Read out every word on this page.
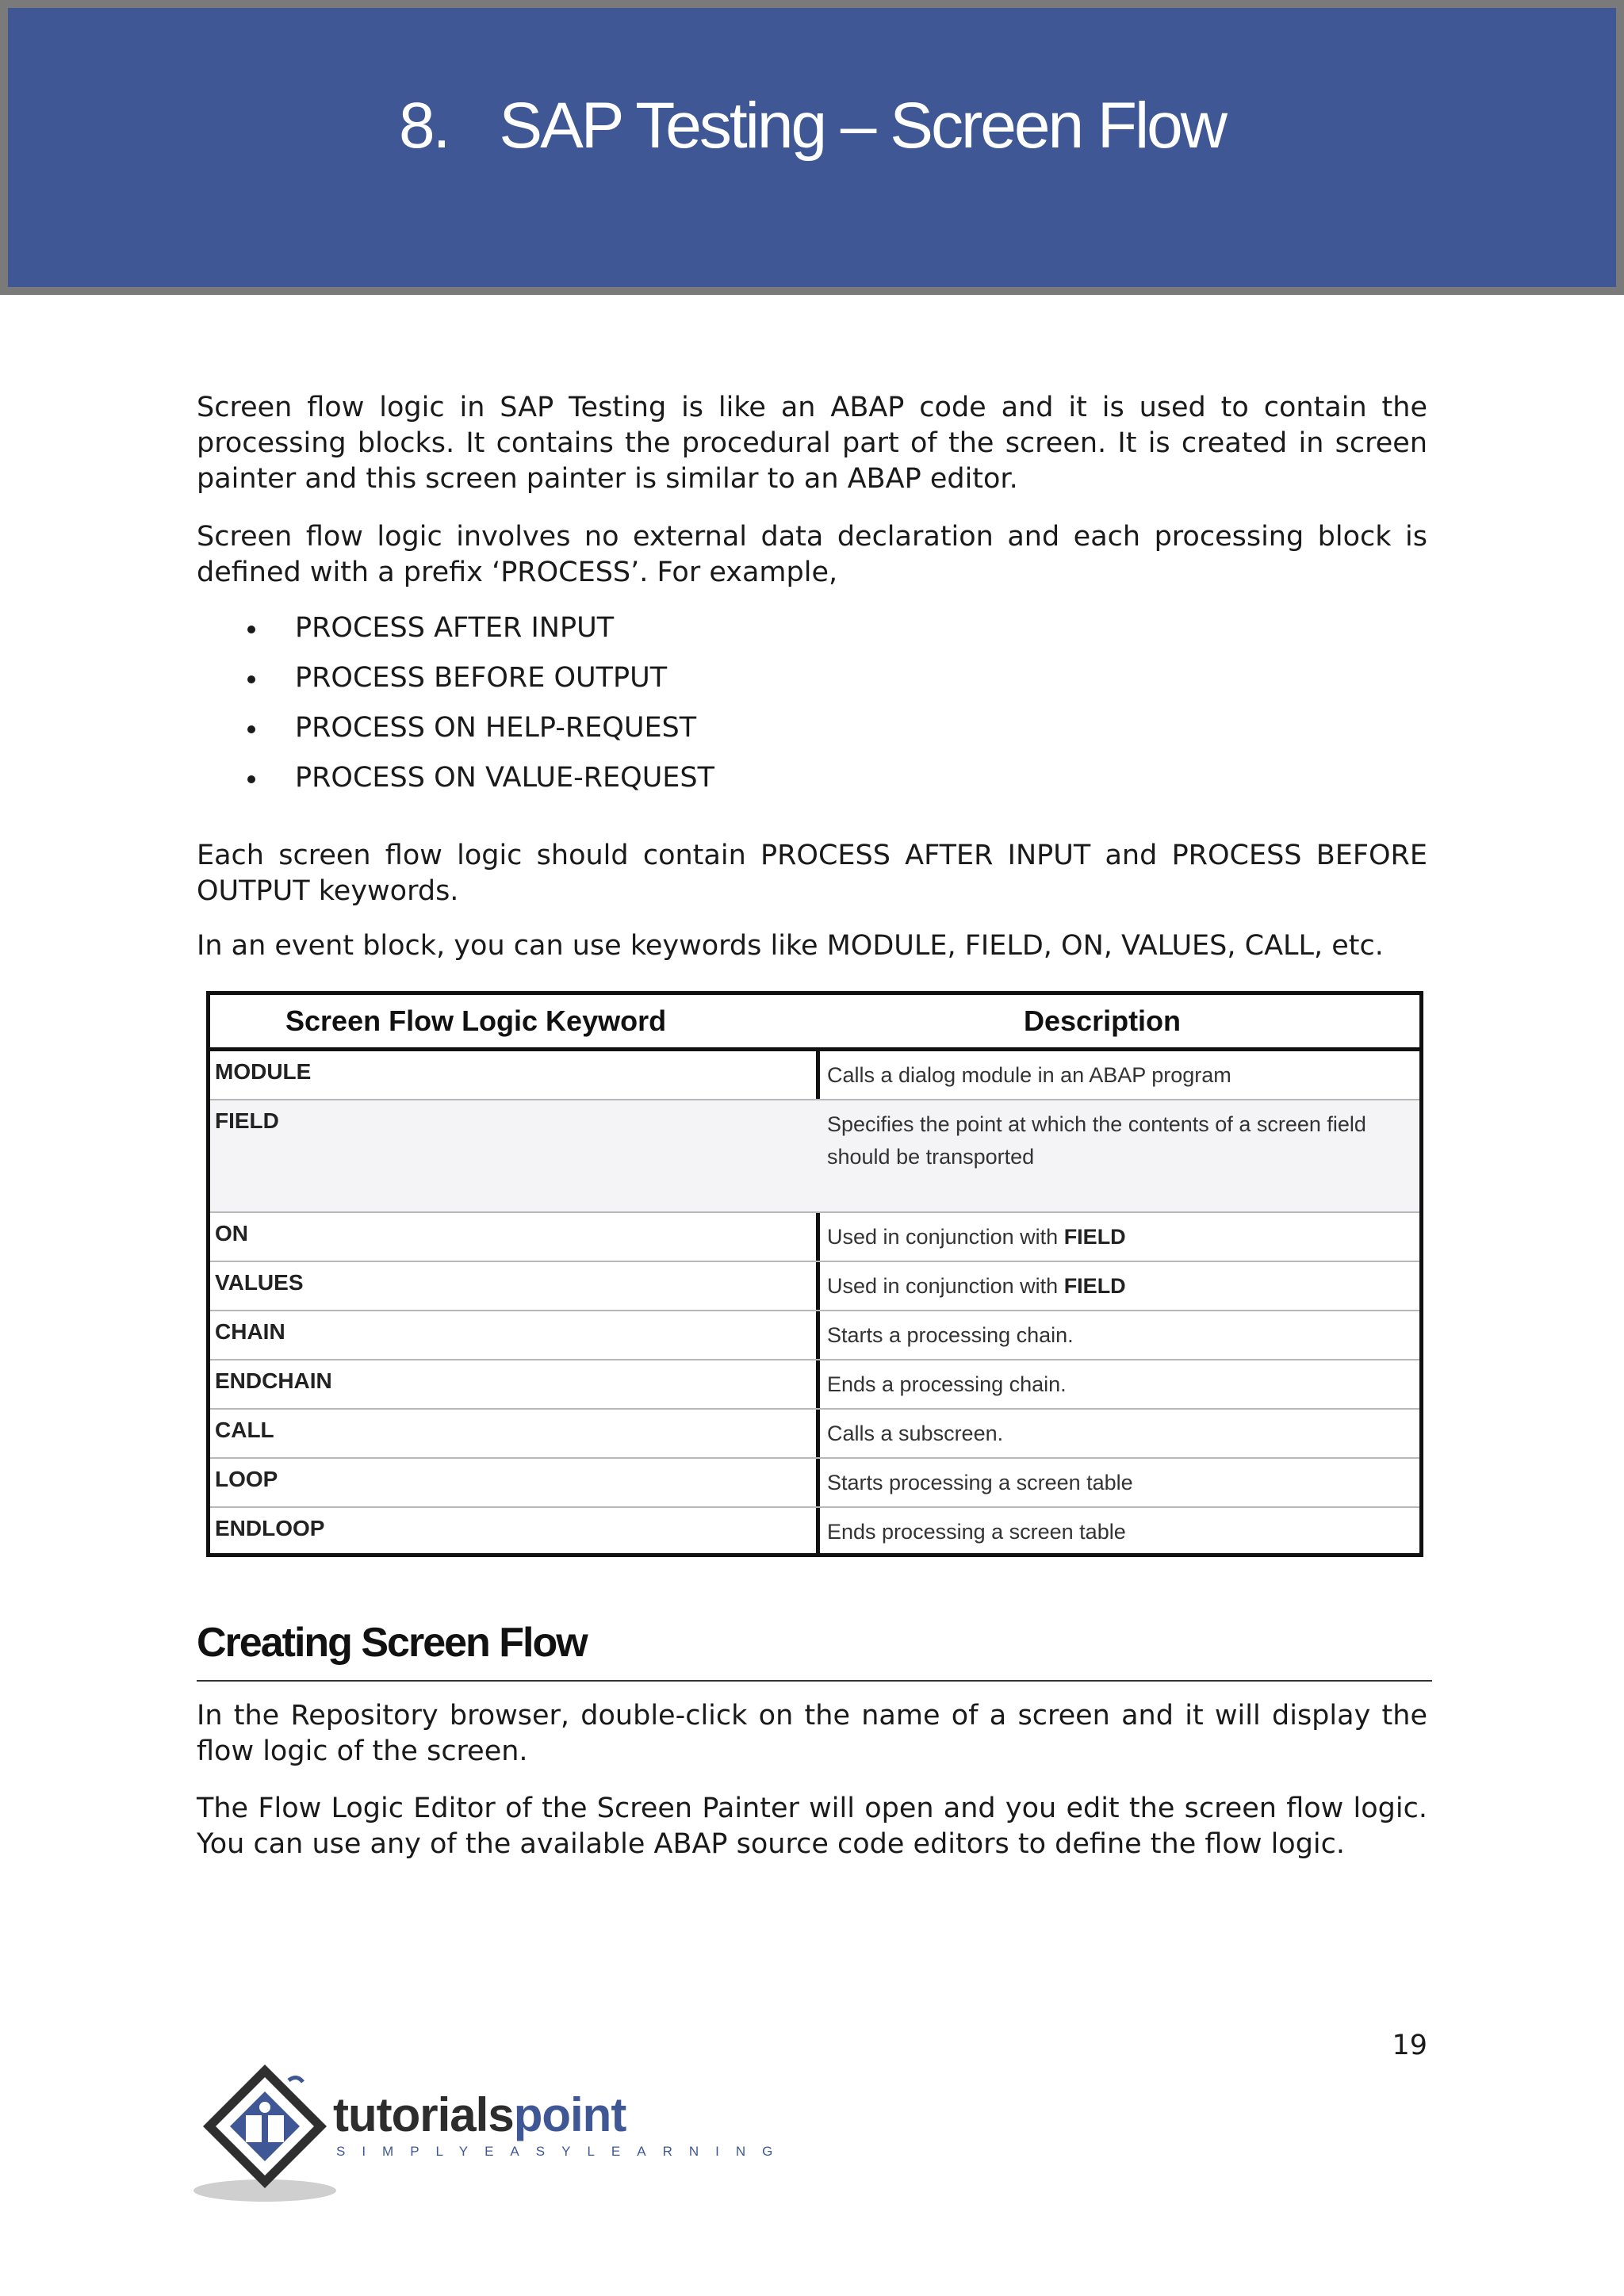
8. SAP Testing – Screen Flow

Screen flow logic in SAP Testing is like an ABAP code and it is used to contain the processing blocks. It contains the procedural part of the screen. It is created in screen painter and this screen painter is similar to an ABAP editor.

Screen flow logic involves no external data declaration and each processing block is defined with a prefix ‘PROCESS’. For example,

PROCESS AFTER INPUT
PROCESS BEFORE OUTPUT
PROCESS ON HELP-REQUEST
PROCESS ON VALUE-REQUEST

Each screen flow logic should contain PROCESS AFTER INPUT and PROCESS BEFORE OUTPUT keywords.

In an event block, you can use keywords like MODULE, FIELD, ON, VALUES, CALL, etc.

Screen Flow Logic Keyword	Description
MODULE	Calls a dialog module in an ABAP program
FIELD	Specifies the point at which the contents of a screen field should be transported
ON	Used in conjunction with FIELD
VALUES	Used in conjunction with FIELD
CHAIN	Starts a processing chain.
ENDCHAIN	Ends a processing chain.
CALL	Calls a subscreen.
LOOP	Starts processing a screen table
ENDLOOP	Ends processing a screen table
Creating Screen Flow

In the Repository browser, double-click on the name of a screen and it will display the flow logic of the screen.

The Flow Logic Editor of the Screen Painter will open and you edit the screen flow logic. You can use any of the available ABAP source code editors to define the flow logic.

19
tutorialspoint
SIMPLYEASYLEARNING
